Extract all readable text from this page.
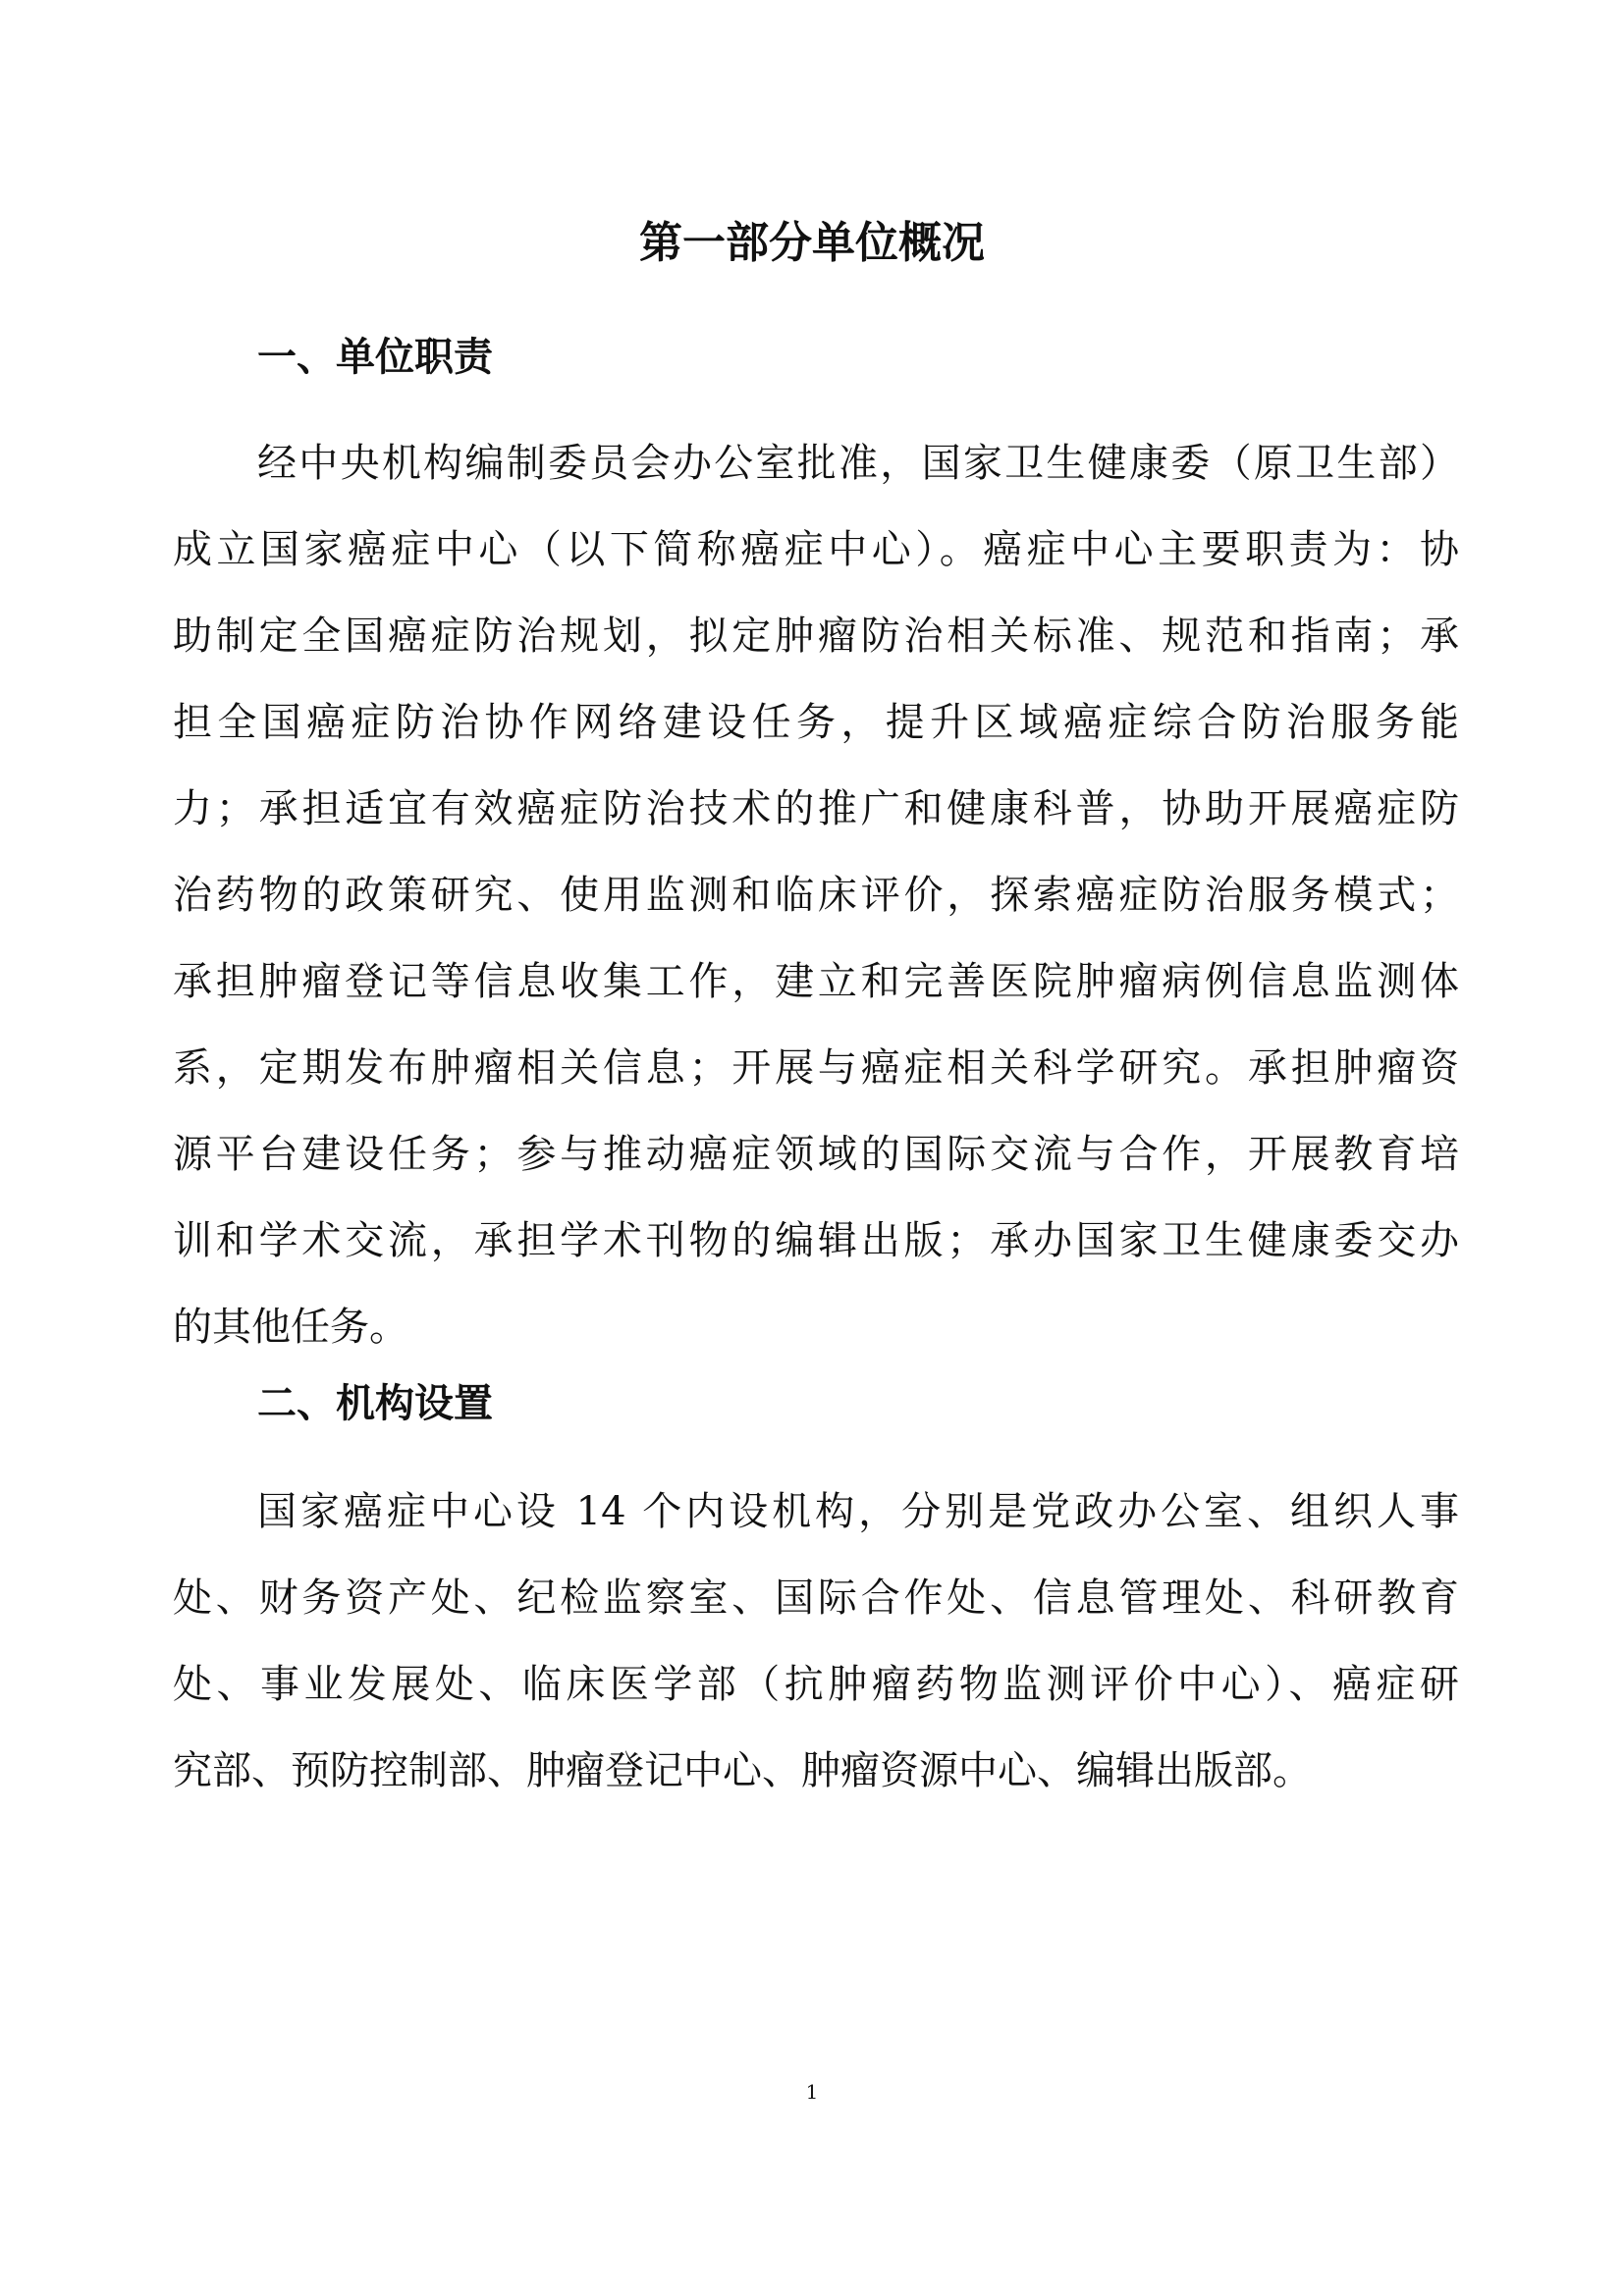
第一部分单位概况
一、单位职责
经中央机构编制委员会办公室批准，国家卫生健康委（原卫生部）
成立国家癌症中心（以下简称癌症中心）。癌症中心主要职责为：协
助制定全国癌症防治规划，拟定肿瘤防治相关标准、规范和指南；承
担全国癌症防治协作网络建设任务，提升区域癌症综合防治服务能
力；承担适宜有效癌症防治技术的推广和健康科普，协助开展癌症防
治药物的政策研究、使用监测和临床评价，探索癌症防治服务模式；
承担肿瘤登记等信息收集工作，建立和完善医院肿瘤病例信息监测体
系，定期发布肿瘤相关信息；开展与癌症相关科学研究。承担肿瘤资
源平台建设任务；参与推动癌症领域的国际交流与合作，开展教育培
训和学术交流，承担学术刊物的编辑出版；承办国家卫生健康委交办
的其他任务。
二、机构设置
国家癌症中心设 14 个内设机构，分别是党政办公室、组织人事
处、财务资产处、纪检监察室、国际合作处、信息管理处、科研教育
处、事业发展处、临床医学部（抗肿瘤药物监测评价中心）、癌症研
究部、预防控制部、肿瘤登记中心、肿瘤资源中心、编辑出版部。
1
